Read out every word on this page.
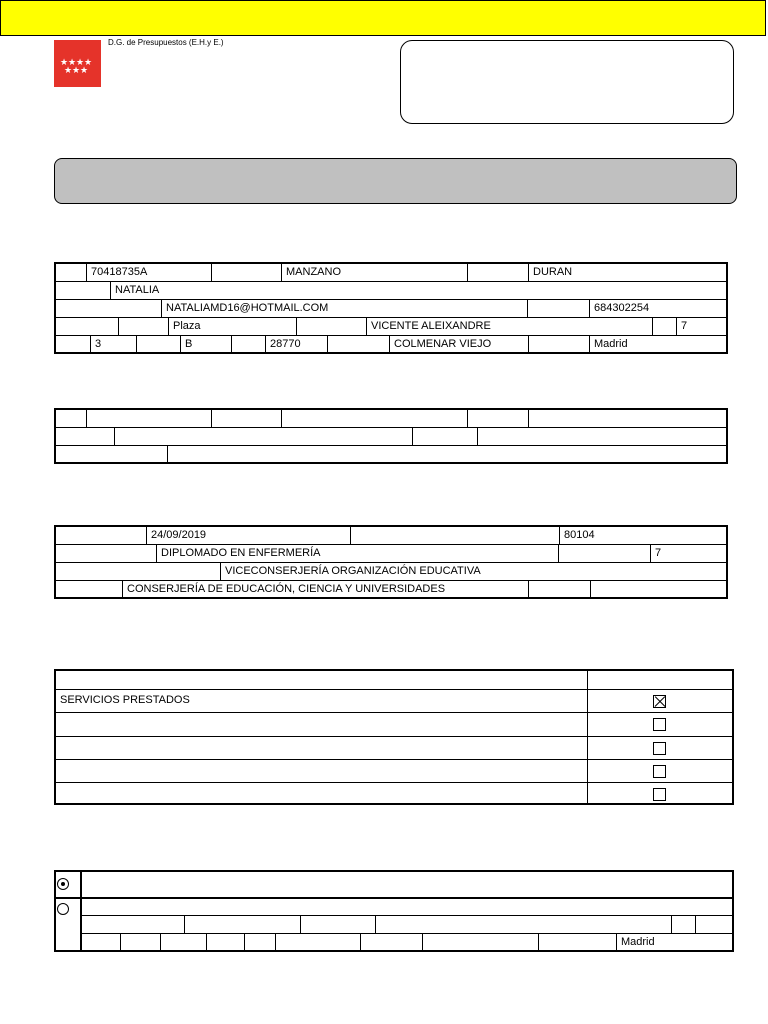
★ ★ ★ ★
★ ★ ★
D.G. de Presupuestos (E.H.y E.)
70418735A	MANZANO	DURAN
NATALIA
NATALIAMD16@HOTMAIL.COM	684302254
Plaza	VICENTE ALEIXANDRE	7
3	B	28770	COLMENAR VIEJO	Madrid
24/09/2019	80104
DIPLOMADO EN ENFERMERÍA	7
VICECONSERJERÍA ORGANIZACIÓN EDUCATIVA
CONSERJERÍA DE EDUCACIÓN, CIENCIA Y UNIVERSIDADES
SERVICIOS PRESTADOS
Madrid
